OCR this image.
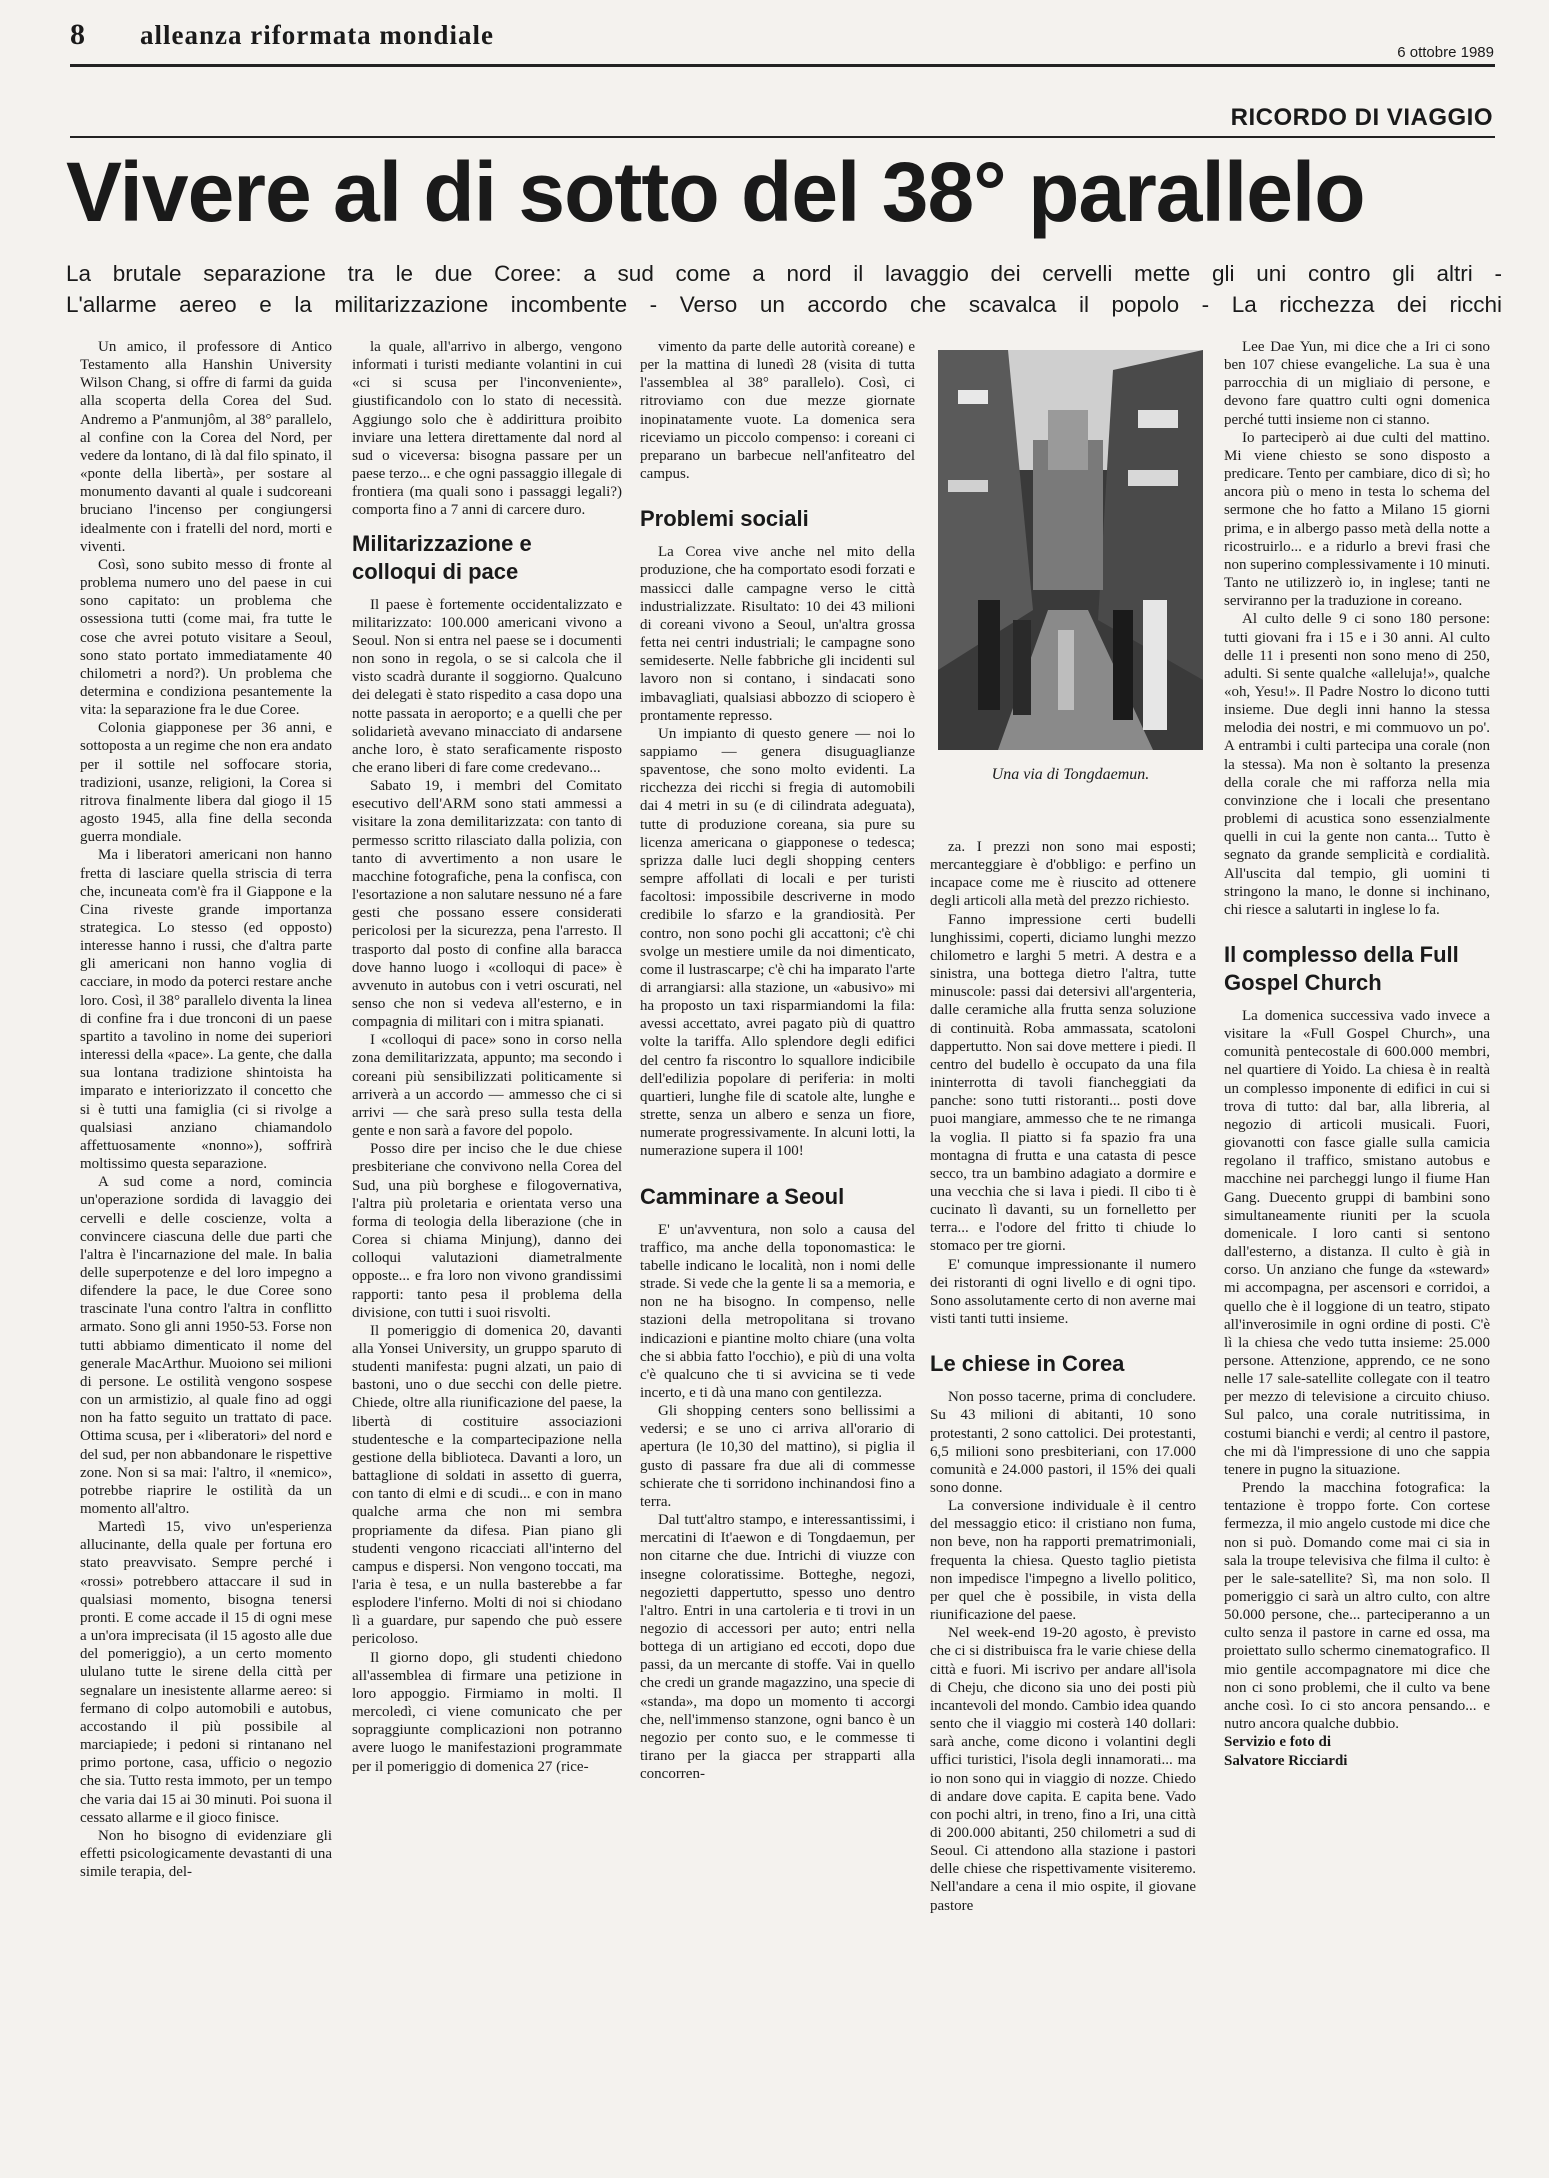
8 alleanza riformata mondiale
6 ottobre 1989
RICORDO DI VIAGGIO
Vivere al di sotto del 38° parallelo
La brutale separazione tra le due Coree: a sud come a nord il lavaggio dei cervelli mette gli uni contro gli altri -
L'allarme aereo e la militarizzazione incombente - Verso un accordo che scavalca il popolo - La ricchezza dei ricchi

Un amico, il professore di Antico Testamento alla Hanshin University Wilson Chang, si offre di farmi da guida alla scoperta della Corea del Sud. Andremo a P'anmunjôm, al 38° parallelo, al confine con la Corea del Nord, per vedere da lontano, di là dal filo spinato, il «ponte della libertà», per sostare al monumento davanti al quale i sudcoreani bruciano l'incenso per congiungersi idealmente con i fratelli del nord, morti e viventi.

Così, sono subito messo di fronte al problema numero uno del paese in cui sono capitato: un problema che ossessiona tutti (come mai, fra tutte le cose che avrei potuto visitare a Seoul, sono stato portato immediatamente 40 chilometri a nord?). Un problema che determina e condiziona pesantemente la vita: la separazione fra le due Coree.

Colonia giapponese per 36 anni, e sottoposta a un regime che non era andato per il sottile nel soffocare storia, tradizioni, usanze, religioni, la Corea si ritrova finalmente libera dal giogo il 15 agosto 1945, alla fine della seconda guerra mondiale.

Ma i liberatori americani non hanno fretta di lasciare quella striscia di terra che, incuneata com'è fra il Giappone e la Cina riveste grande importanza strategica. Lo stesso (ed opposto) interesse hanno i russi, che d'altra parte gli americani non hanno voglia di cacciare, in modo da poterci restare anche loro. Così, il 38° parallelo diventa la linea di confine fra i due tronconi di un paese spartito a tavolino in nome dei superiori interessi della «pace». La gente, che dalla sua lontana tradizione shintoista ha imparato e interiorizzato il concetto che si è tutti una famiglia (ci si rivolge a qualsiasi anziano chiamandolo affettuosamente «nonno»), soffrirà moltissimo questa separazione.

A sud come a nord, comincia un'operazione sordida di lavaggio dei cervelli e delle coscienze, volta a convincere ciascuna delle due parti che l'altra è l'incarnazione del male. In balia delle superpotenze e del loro impegno a difendere la pace, le due Coree sono trascinate l'una contro l'altra in conflitto armato. Sono gli anni 1950-53. Forse non tutti abbiamo dimenticato il nome del generale MacArthur. Muoiono sei milioni di persone. Le ostilità vengono sospese con un armistizio, al quale fino ad oggi non ha fatto seguito un trattato di pace. Ottima scusa, per i «liberatori» del nord e del sud, per non abbandonare le rispettive zone. Non si sa mai: l'altro, il «nemico», potrebbe riaprire le ostilità da un momento all'altro.

Martedì 15, vivo un'esperienza allucinante, della quale per fortuna ero stato preavvisato. Sempre perché i «rossi» potrebbero attaccare il sud in qualsiasi momento, bisogna tenersi pronti. E come accade il 15 di ogni mese a un'ora imprecisata (il 15 agosto alle due del pomeriggio), a un certo momento ululano tutte le sirene della città per segnalare un inesistente allarme aereo: si fermano di colpo automobili e autobus, accostando il più possibile al marciapiede; i pedoni si rintanano nel primo portone, casa, ufficio o negozio che sia. Tutto resta immoto, per un tempo che varia dai 15 ai 30 minuti. Poi suona il cessato allarme e il gioco finisce.

Non ho bisogno di evidenziare gli effetti psicologicamente devastanti di una simile terapia, del-

la quale, all'arrivo in albergo, vengono informati i turisti mediante volantini in cui «ci si scusa per l'inconveniente», giustificandolo con lo stato di necessità. Aggiungo solo che è addirittura proibito inviare una lettera direttamente dal nord al sud o viceversa: bisogna passare per un paese terzo... e che ogni passaggio illegale di frontiera (ma quali sono i passaggi legali?) comporta fino a 7 anni di carcere duro.

Militarizzazione e colloqui di pace

Il paese è fortemente occidentalizzato e militarizzato: 100.000 americani vivono a Seoul. Non si entra nel paese se i documenti non sono in regola, o se si calcola che il visto scadrà durante il soggiorno. Qualcuno dei delegati è stato rispedito a casa dopo una notte passata in aeroporto; e a quelli che per solidarietà avevano minacciato di andarsene anche loro, è stato seraficamente risposto che erano liberi di fare come credevano...

Sabato 19, i membri del Comitato esecutivo dell'ARM sono stati ammessi a visitare la zona demilitarizzata: con tanto di permesso scritto rilasciato dalla polizia, con tanto di avvertimento a non usare le macchine fotografiche, pena la confisca, con l'esortazione a non salutare nessuno né a fare gesti che possano essere considerati pericolosi per la sicurezza, pena l'arresto. Il trasporto dal posto di confine alla baracca dove hanno luogo i «colloqui di pace» è avvenuto in autobus con i vetri oscurati, nel senso che non si vedeva all'esterno, e in compagnia di militari con i mitra spianati.

I «colloqui di pace» sono in corso nella zona demilitarizzata, appunto; ma secondo i coreani più sensibilizzati politicamente si arriverà a un accordo — ammesso che ci si arrivi — che sarà preso sulla testa della gente e non sarà a favore del popolo.

Posso dire per inciso che le due chiese presbiteriane che convivono nella Corea del Sud, una più borghese e filogovernativa, l'altra più proletaria e orientata verso una forma di teologia della liberazione (che in Corea si chiama Minjung), danno dei colloqui valutazioni diametralmente opposte... e fra loro non vivono grandissimi rapporti: tanto pesa il problema della divisione, con tutti i suoi risvolti.

Il pomeriggio di domenica 20, davanti alla Yonsei University, un gruppo sparuto di studenti manifesta: pugni alzati, un paio di bastoni, uno o due secchi con delle pietre. Chiede, oltre alla riunificazione del paese, la libertà di costituire associazioni studentesche e la compartecipazione nella gestione della biblioteca. Davanti a loro, un battaglione di soldati in assetto di guerra, con tanto di elmi e di scudi... e con in mano qualche arma che non mi sembra propriamente da difesa. Pian piano gli studenti vengono ricacciati all'interno del campus e dispersi. Non vengono toccati, ma l'aria è tesa, e un nulla basterebbe a far esplodere l'inferno. Molti di noi si chiodano lì a guardare, pur sapendo che può essere pericoloso.

Il giorno dopo, gli studenti chiedono all'assemblea di firmare una petizione in loro appoggio. Firmiamo in molti. Il mercoledì, ci viene comunicato che per sopraggiunte complicazioni non potranno avere luogo le manifestazioni programmate per il pomeriggio di domenica 27 (rice-

vimento da parte delle autorità coreane) e per la mattina di lunedì 28 (visita di tutta l'assemblea al 38° parallelo). Così, ci ritroviamo con due mezze giornate inopinatamente vuote. La domenica sera riceviamo un piccolo compenso: i coreani ci preparano un barbecue nell'anfiteatro del campus.

Problemi sociali

La Corea vive anche nel mito della produzione, che ha comportato esodi forzati e massicci dalle campagne verso le città industrializzate. Risultato: 10 dei 43 milioni di coreani vivono a Seoul, un'altra grossa fetta nei centri industriali; le campagne sono semideserte. Nelle fabbriche gli incidenti sul lavoro non si contano, i sindacati sono imbavagliati, qualsiasi abbozzo di sciopero è prontamente represso.

Un impianto di questo genere — noi lo sappiamo — genera disuguaglianze spaventose, che sono molto evidenti. La ricchezza dei ricchi si fregia di automobili dai 4 metri in su (e di cilindrata adeguata), tutte di produzione coreana, sia pure su licenza americana o giapponese o tedesca; sprizza dalle luci degli shopping centers sempre affollati di locali e per turisti facoltosi: impossibile descriverne in modo credibile lo sfarzo e la grandiosità. Per contro, non sono pochi gli accattoni; c'è chi svolge un mestiere umile da noi dimenticato, come il lustrascarpe; c'è chi ha imparato l'arte di arrangiarsi: alla stazione, un «abusivo» mi ha proposto un taxi risparmiandomi la fila: avessi accettato, avrei pagato più di quattro volte la tariffa. Allo splendore degli edifici del centro fa riscontro lo squallore indicibile dell'edilizia popolare di periferia: in molti quartieri, lunghe file di scatole alte, lunghe e strette, senza un albero e senza un fiore, numerate progressivamente. In alcuni lotti, la numerazione supera il 100!

Camminare a Seoul

E' un'avventura, non solo a causa del traffico, ma anche della toponomastica: le tabelle indicano le località, non i nomi delle strade. Si vede che la gente li sa a memoria, e non ne ha bisogno. In compenso, nelle stazioni della metropolitana si trovano indicazioni e piantine molto chiare (una volta che si abbia fatto l'occhio), e più di una volta c'è qualcuno che ti si avvicina se ti vede incerto, e ti dà una mano con gentilezza.

Gli shopping centers sono bellissimi a vedersi; e se uno ci arriva all'orario di apertura (le 10,30 del mattino), si piglia il gusto di passare fra due ali di commesse schierate che ti sorridono inchinandosi fino a terra.

Dal tutt'altro stampo, e interessantissimi, i mercatini di It'aewon e di Tongdaemun, per non citarne che due. Intrichi di viuzze con insegne coloratissime. Botteghe, negozi, negozietti dappertutto, spesso uno dentro l'altro. Entri in una cartoleria e ti trovi in un negozio di accessori per auto; entri nella bottega di un artigiano ed eccoti, dopo due passi, da un mercante di stoffe. Vai in quello che credi un grande magazzino, una specie di «standa», ma dopo un momento ti accorgi che, nell'immenso stanzone, ogni banco è un negozio per conto suo, e le commesse ti tirano per la giacca per strapparti alla concorren-

Una via di Tongdaemun.

za. I prezzi non sono mai esposti; mercanteggiare è d'obbligo: e perfino un incapace come me è riuscito ad ottenere degli articoli alla metà del prezzo richiesto.

Fanno impressione certi budelli lunghissimi, coperti, diciamo lunghi mezzo chilometro e larghi 5 metri. A destra e a sinistra, una bottega dietro l'altra, tutte minuscole: passi dai detersivi all'argenteria, dalle ceramiche alla frutta senza soluzione di continuità. Roba ammassata, scatoloni dappertutto. Non sai dove mettere i piedi. Il centro del budello è occupato da una fila ininterrotta di tavoli fiancheggiati da panche: sono tutti ristoranti... posti dove puoi mangiare, ammesso che te ne rimanga la voglia. Il piatto si fa spazio fra una montagna di frutta e una catasta di pesce secco, tra un bambino adagiato a dormire e una vecchia che si lava i piedi. Il cibo ti è cucinato lì davanti, su un fornelletto per terra... e l'odore del fritto ti chiude lo stomaco per tre giorni.

E' comunque impressionante il numero dei ristoranti di ogni livello e di ogni tipo. Sono assolutamente certo di non averne mai visti tanti tutti insieme.

Le chiese in Corea

Non posso tacerne, prima di concludere. Su 43 milioni di abitanti, 10 sono protestanti, 2 sono cattolici. Dei protestanti, 6,5 milioni sono presbiteriani, con 17.000 comunità e 24.000 pastori, il 15% dei quali sono donne.

La conversione individuale è il centro del messaggio etico: il cristiano non fuma, non beve, non ha rapporti prematrimoniali, frequenta la chiesa. Questo taglio pietista non impedisce l'impegno a livello politico, per quel che è possibile, in vista della riunificazione del paese.

Nel week-end 19-20 agosto, è previsto che ci si distribuisca fra le varie chiese della città e fuori. Mi iscrivo per andare all'isola di Cheju, che dicono sia uno dei posti più incantevoli del mondo. Cambio idea quando sento che il viaggio mi costerà 140 dollari: sarà anche, come dicono i volantini degli uffici turistici, l'isola degli innamorati... ma io non sono qui in viaggio di nozze. Chiedo di andare dove capita. E capita bene. Vado con pochi altri, in treno, fino a Iri, una città di 200.000 abitanti, 250 chilometri a sud di Seoul. Ci attendono alla stazione i pastori delle chiese che rispettivamente visiteremo. Nell'andare a cena il mio ospite, il giovane pastore

Lee Dae Yun, mi dice che a Iri ci sono ben 107 chiese evangeliche. La sua è una parrocchia di un migliaio di persone, e devono fare quattro culti ogni domenica perché tutti insieme non ci stanno.

Io parteciperò ai due culti del mattino. Mi viene chiesto se sono disposto a predicare. Tento per cambiare, dico di sì; ho ancora più o meno in testa lo schema del sermone che ho fatto a Milano 15 giorni prima, e in albergo passo metà della notte a ricostruirlo... e a ridurlo a brevi frasi che non superino complessivamente i 10 minuti. Tanto ne utilizzerò io, in inglese; tanti ne serviranno per la traduzione in coreano.

Al culto delle 9 ci sono 180 persone: tutti giovani fra i 15 e i 30 anni. Al culto delle 11 i presenti non sono meno di 250, adulti. Si sente qualche «alleluja!», qualche «oh, Yesu!». Il Padre Nostro lo dicono tutti insieme. Due degli inni hanno la stessa melodia dei nostri, e mi commuovo un po'. A entrambi i culti partecipa una corale (non la stessa). Ma non è soltanto la presenza della corale che mi rafforza nella mia convinzione che i locali che presentano problemi di acustica sono essenzialmente quelli in cui la gente non canta... Tutto è segnato da grande semplicità e cordialità. All'uscita dal tempio, gli uomini ti stringono la mano, le donne si inchinano, chi riesce a salutarti in inglese lo fa.

Il complesso della Full Gospel Church

La domenica successiva vado invece a visitare la «Full Gospel Church», una comunità pentecostale di 600.000 membri, nel quartiere di Yoido. La chiesa è in realtà un complesso imponente di edifici in cui si trova di tutto: dal bar, alla libreria, al negozio di articoli musicali. Fuori, giovanotti con fasce gialle sulla camicia regolano il traffico, smistano autobus e macchine nei parcheggi lungo il fiume Han Gang. Duecento gruppi di bambini sono simultaneamente riuniti per la scuola domenicale. I loro canti si sentono dall'esterno, a distanza. Il culto è già in corso. Un anziano che funge da «steward» mi accompagna, per ascensori e corridoi, a quello che è il loggione di un teatro, stipato all'inverosimile in ogni ordine di posti. C'è lì la chiesa che vedo tutta insieme: 25.000 persone. Attenzione, apprendo, ce ne sono nelle 17 sale-satellite collegate con il teatro per mezzo di televisione a circuito chiuso. Sul palco, una corale nutritissima, in costumi bianchi e verdi; al centro il pastore, che mi dà l'impressione di uno che sappia tenere in pugno la situazione.

Prendo la macchina fotografica: la tentazione è troppo forte. Con cortese fermezza, il mio angelo custode mi dice che non si può. Domando come mai ci sia in sala la troupe televisiva che filma il culto: è per le sale-satellite? Sì, ma non solo. Il pomeriggio ci sarà un altro culto, con altre 50.000 persone, che... parteciperanno a un culto senza il pastore in carne ed ossa, ma proiettato sullo schermo cinematografico. Il mio gentile accompagnatore mi dice che non ci sono problemi, che il culto va bene anche così. Io ci sto ancora pensando... e nutro ancora qualche dubbio.

Servizio e foto di

Salvatore Ricciardi
